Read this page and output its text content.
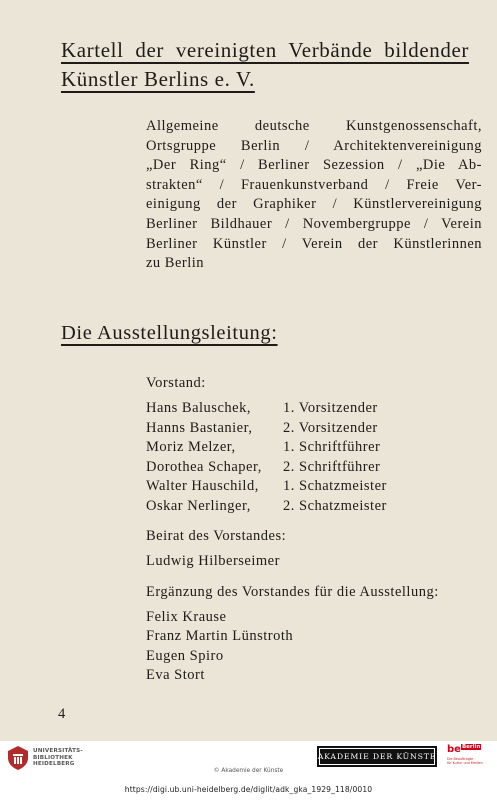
Kartell der vereinigten Verbände bildender
Künstler Berlins e. V.
Allgemeine deutsche Kunstgenossenschaft,
Ortsgruppe Berlin / Architektenvereinigung
„Der Ring“ / Berliner Sezession / „Die Ab-
strakten“ / Frauenkunstverband / Freie Ver-
einigung der Graphiker / Künstlervereinigung
Berliner Bildhauer / Novembergruppe / Verein
Berliner Künstler / Verein der Künstlerinnen
zu Berlin
Die Ausstellungsleitung:
Vorstand:
Hans Baluschek,	1. Vorsitzender
Hanns Bastanier,	2. Vorsitzender
Moriz Melzer,	1. Schriftführer
Dorothea Schaper,	2. Schriftführer
Walter Hauschild,	1. Schatzmeister
Oskar Nerlinger,	2. Schatzmeister
Beirat des Vorstandes:
Ludwig Hilberseimer
Ergänzung des Vorstandes für die Ausstellung:
Felix Krause
Franz Martin Lünstroth
Eugen Spiro
Eva Stort
4
UNIVERSITÄTS-
BIBLIOTHEK
HEIDELBERG
AKADEMIE DER KÜNSTE
$be^{Berlin}$
Die Beauftragte
für Kultur und Medien
© Akademie der Künste
https://digi.ub.uni-heidelberg.de/diglit/adk_gka_1929_118/0010
